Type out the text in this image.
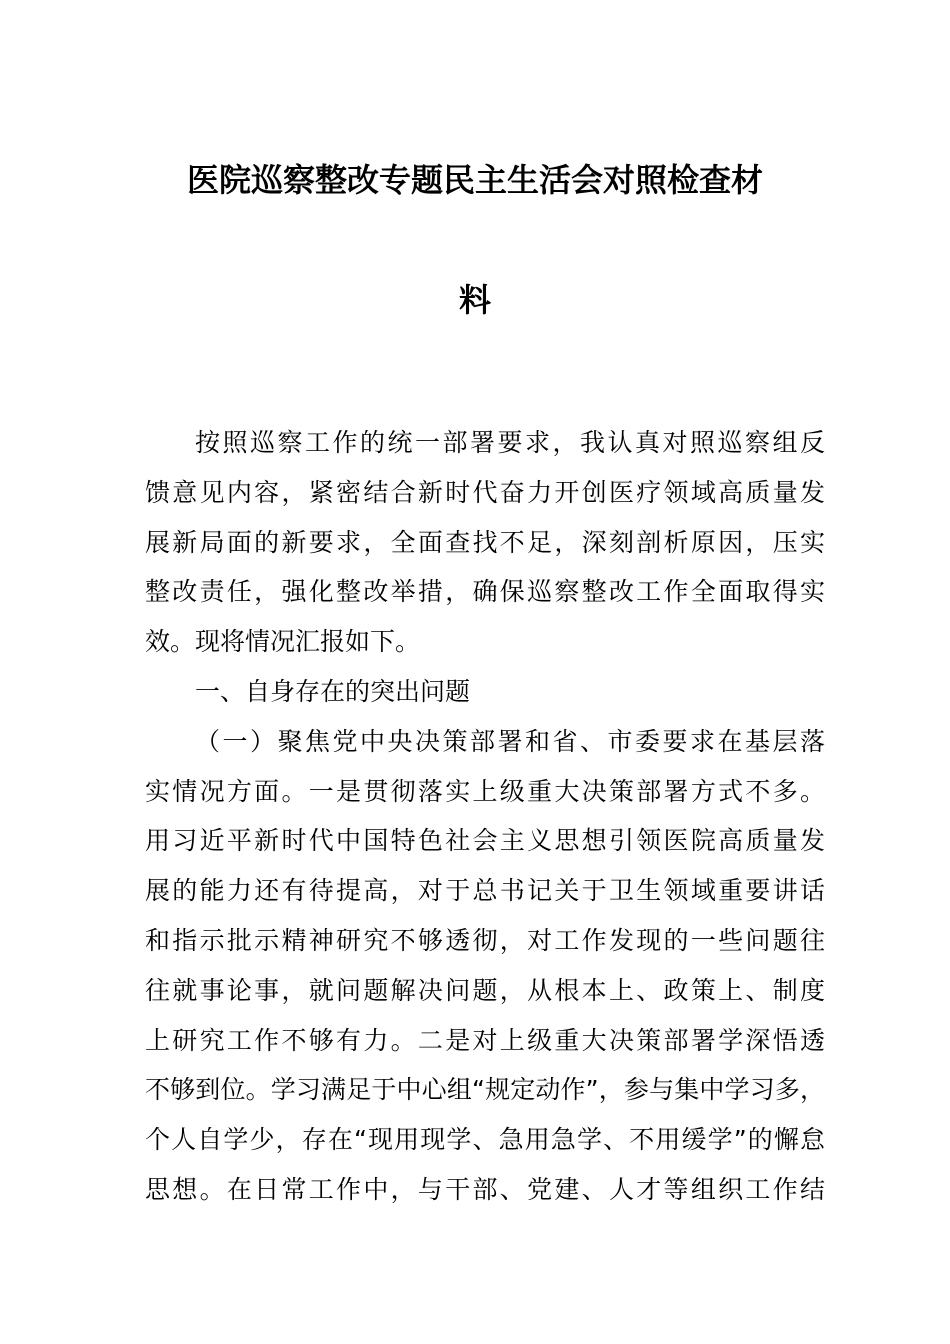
医院巡察整改专题民主生活会对照检查材
料
按照巡察工作的统一部署要求，我认真对照巡察组反
馈意见内容，紧密结合新时代奋力开创医疗领域高质量发
展新局面的新要求，全面查找不足，深刻剖析原因，压实
整改责任，强化整改举措，确保巡察整改工作全面取得实
效。现将情况汇报如下。
一、自身存在的突出问题
（一）聚焦党中央决策部署和省、市委要求在基层落
实情况方面。一是贯彻落实上级重大决策部署方式不多。
用习近平新时代中国特色社会主义思想引领医院高质量发
展的能力还有待提高，对于总书记关于卫生领域重要讲话
和指示批示精神研究不够透彻，对工作发现的一些问题往
往就事论事，就问题解决问题，从根本上、政策上、制度
上研究工作不够有力。二是对上级重大决策部署学深悟透
不够到位。学习满足于中心组“规定动作”，参与集中学习多，
个人自学少，存在“现用现学、急用急学、不用缓学”的懈怠
思想。在日常工作中，与干部、党建、人才等组织工作结
